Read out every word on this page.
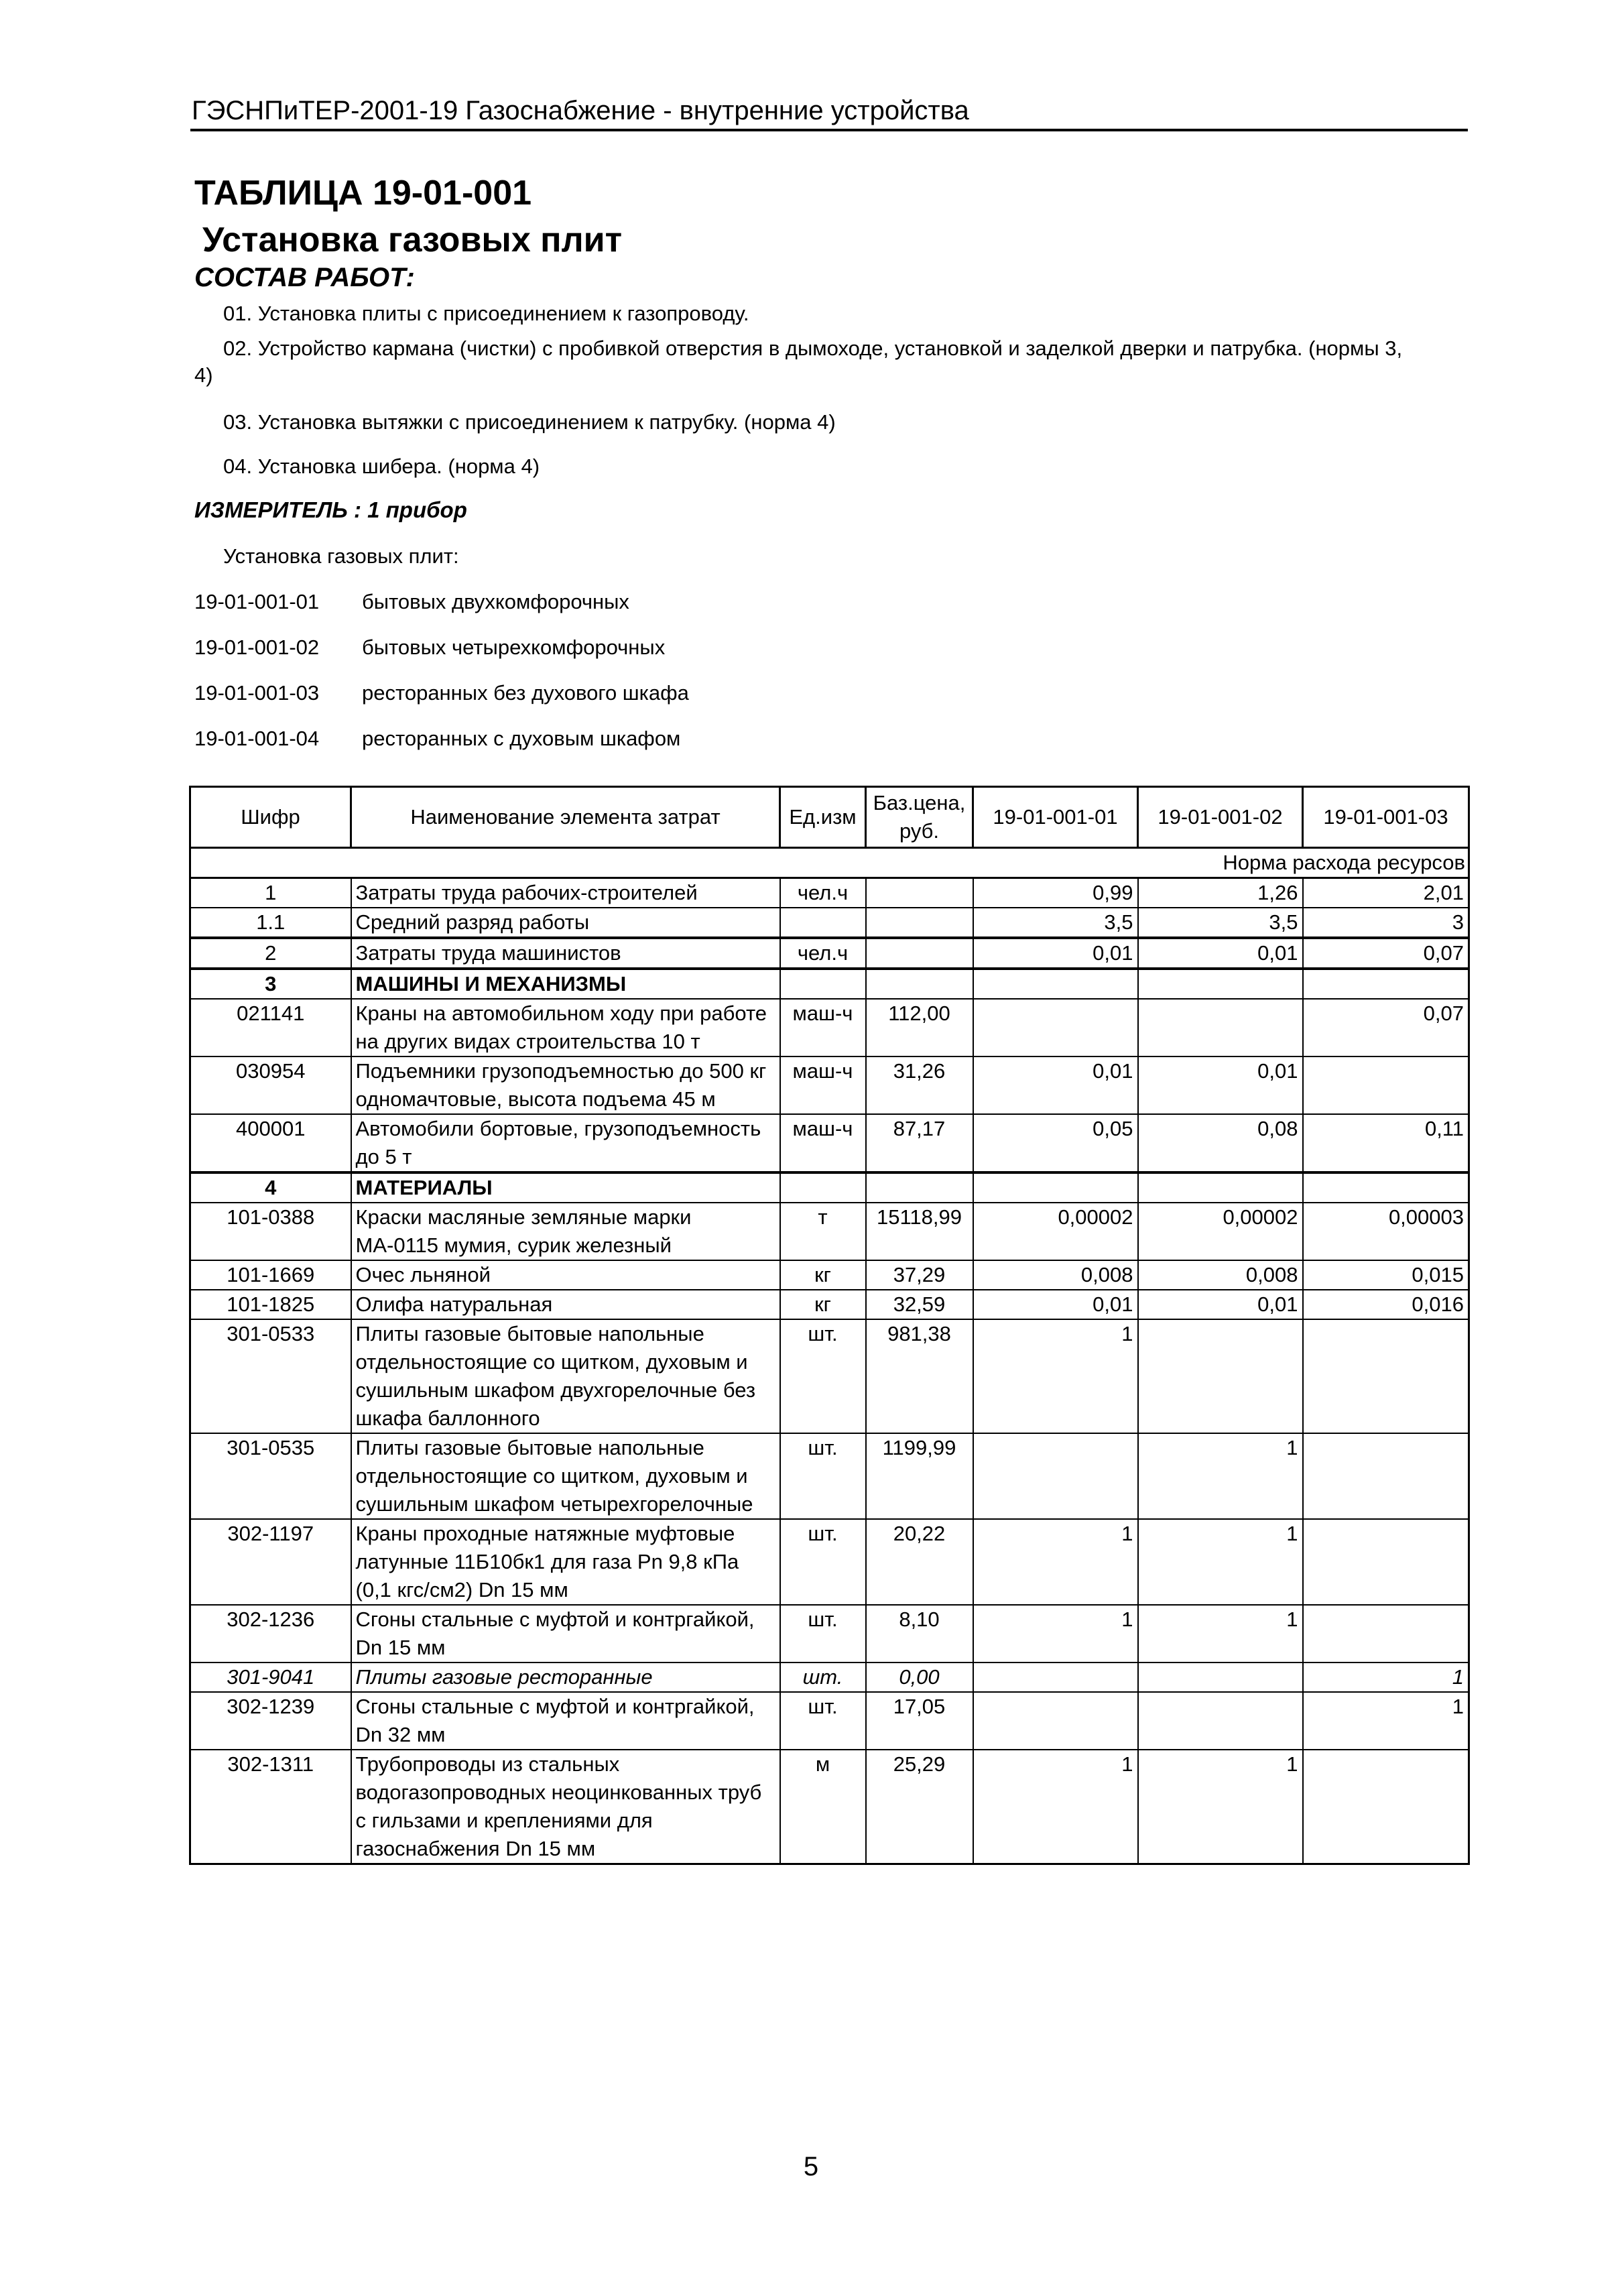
ГЭСНПиТЕР-2001-19 Газоснабжение - внутренние устройства
ТАБЛИЦА 19-01-001
Установка газовых плит
СОСТАВ РАБОТ:
01. Установка плиты с присоединением к газопроводу.
02. Устройство кармана (чистки) с пробивкой отверстия в дымоходе, установкой и заделкой дверки и патрубка. (нормы 3,
4)
03. Установка вытяжки с присоединением к патрубку. (норма 4)
04. Установка шибера. (норма 4)
ИЗМЕРИТЕЛЬ : 1 прибор
Установка газовых плит:
19-01-001-01 бытовых двухкомфорочных
19-01-001-02 бытовых четырехкомфорочных
19-01-001-03 ресторанных без духового шкафа
19-01-001-04 ресторанных с духовым шкафом
Шифр	Наименование элемента затрат	Ед.изм	Баз.цена, руб.	19-01-001-01	19-01-001-02	19-01-001-03
				Норма расхода ресурсов		
1	Затраты труда рабочих-строителей	чел.ч		0,99	1,26	2,01
1.1	Средний разряд работы			3,5	3,5	3
2	Затраты труда машинистов	чел.ч		0,01	0,01	0,07
3	МАШИНЫ И МЕХАНИЗМЫ					
021141	Краны на автомобильном ходу при работе на других видах строительства 10 т	маш-ч	112,00			0,07
030954	Подъемники грузоподъемностью до 500 кг одномачтовые, высота подъема 45 м	маш-ч	31,26	0,01	0,01	
400001	Автомобили бортовые, грузоподъемность до 5 т	маш-ч	87,17	0,05	0,08	0,11
4	МАТЕРИАЛЫ					
101-0388	Краски масляные земляные марки МА-0115 мумия, сурик железный	т	15118,99	0,00002	0,00002	0,00003
101-1669	Очес льняной	кг	37,29	0,008	0,008	0,015
101-1825	Олифа натуральная	кг	32,59	0,01	0,01	0,016
301-0533	Плиты газовые бытовые напольные отдельностоящие со щитком, духовым и сушильным шкафом двухгорелочные без шкафа баллонного	шт.	981,38	1		
301-0535	Плиты газовые бытовые напольные отдельностоящие со щитком, духовым и сушильным шкафом четырехгорелочные	шт.	1199,99		1	
302-1197	Краны проходные натяжные муфтовые латунные 11Б10бк1 для газа Pn 9,8 кПа (0,1 кгс/см2) Dn 15 мм	шт.	20,22	1	1	
302-1236	Сгоны стальные с муфтой и контргайкой, Dn 15 мм	шт.	8,10	1	1	
301-9041	Плиты газовые ресторанные	шт.	0,00			1
302-1239	Сгоны стальные с муфтой и контргайкой, Dn 32 мм	шт.	17,05			1
302-1311	Трубопроводы из стальных водогазопроводных неоцинкованных труб с гильзами и креплениями для газоснабжения Dn 15 мм	м	25,29	1	1	
5
